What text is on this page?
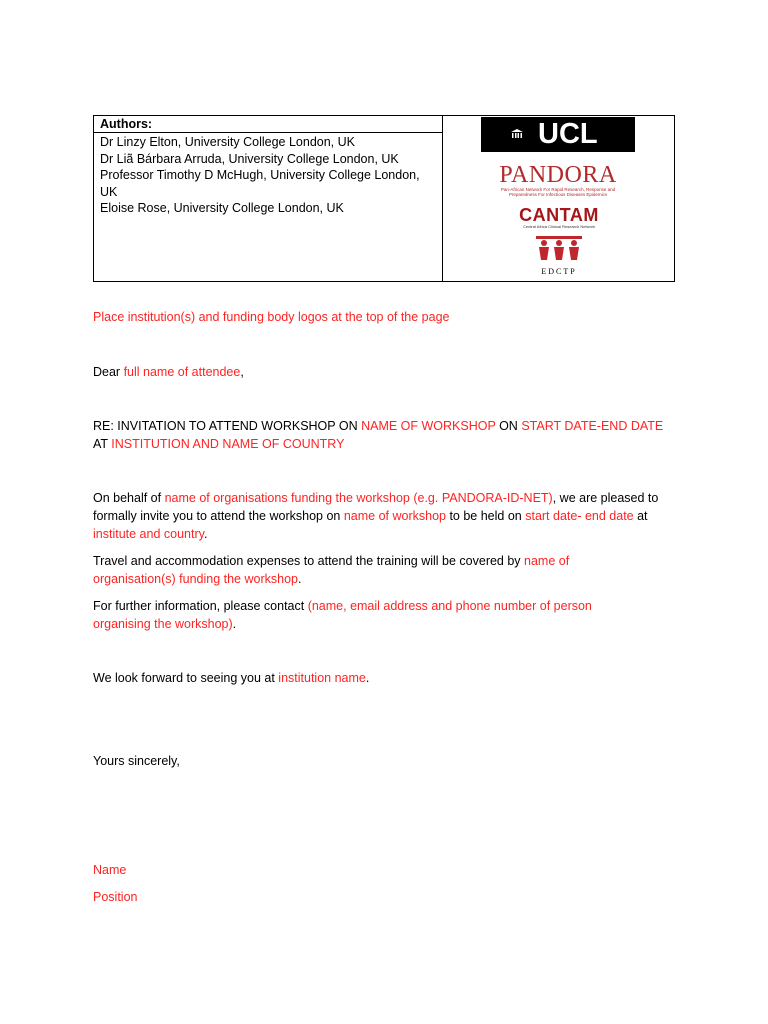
Authors:
Dr Linzy Elton, University College London, UK
Dr Liã Bárbara Arruda, University College London, UK
Professor Timothy D McHugh, University College London, UK
Eloise Rose, University College London, UK
UCL
PANDORA
Pan-African Network For Rapid Research, Response and Preparedness For Infectious Diseases Epidemics
CANTAM
Central Africa Clinical Research Network
EDCTP
Place institution(s) and funding body logos at the top of the page
Dear full name of attendee,
RE: INVITATION TO ATTEND WORKSHOP ON NAME OF WORKSHOP ON START DATE-END DATE AT INSTITUTION AND NAME OF COUNTRY
On behalf of name of organisations funding the workshop (e.g. PANDORA-ID-NET), we are pleased to formally invite you to attend the workshop on name of workshop to be held on start date- end date at institute and country.
Travel and accommodation expenses to attend the training will be covered by name of organisation(s) funding the workshop.
For further information, please contact (name, email address and phone number of person organising the workshop).
We look forward to seeing you at institution name.
Yours sincerely,
Name
Position
